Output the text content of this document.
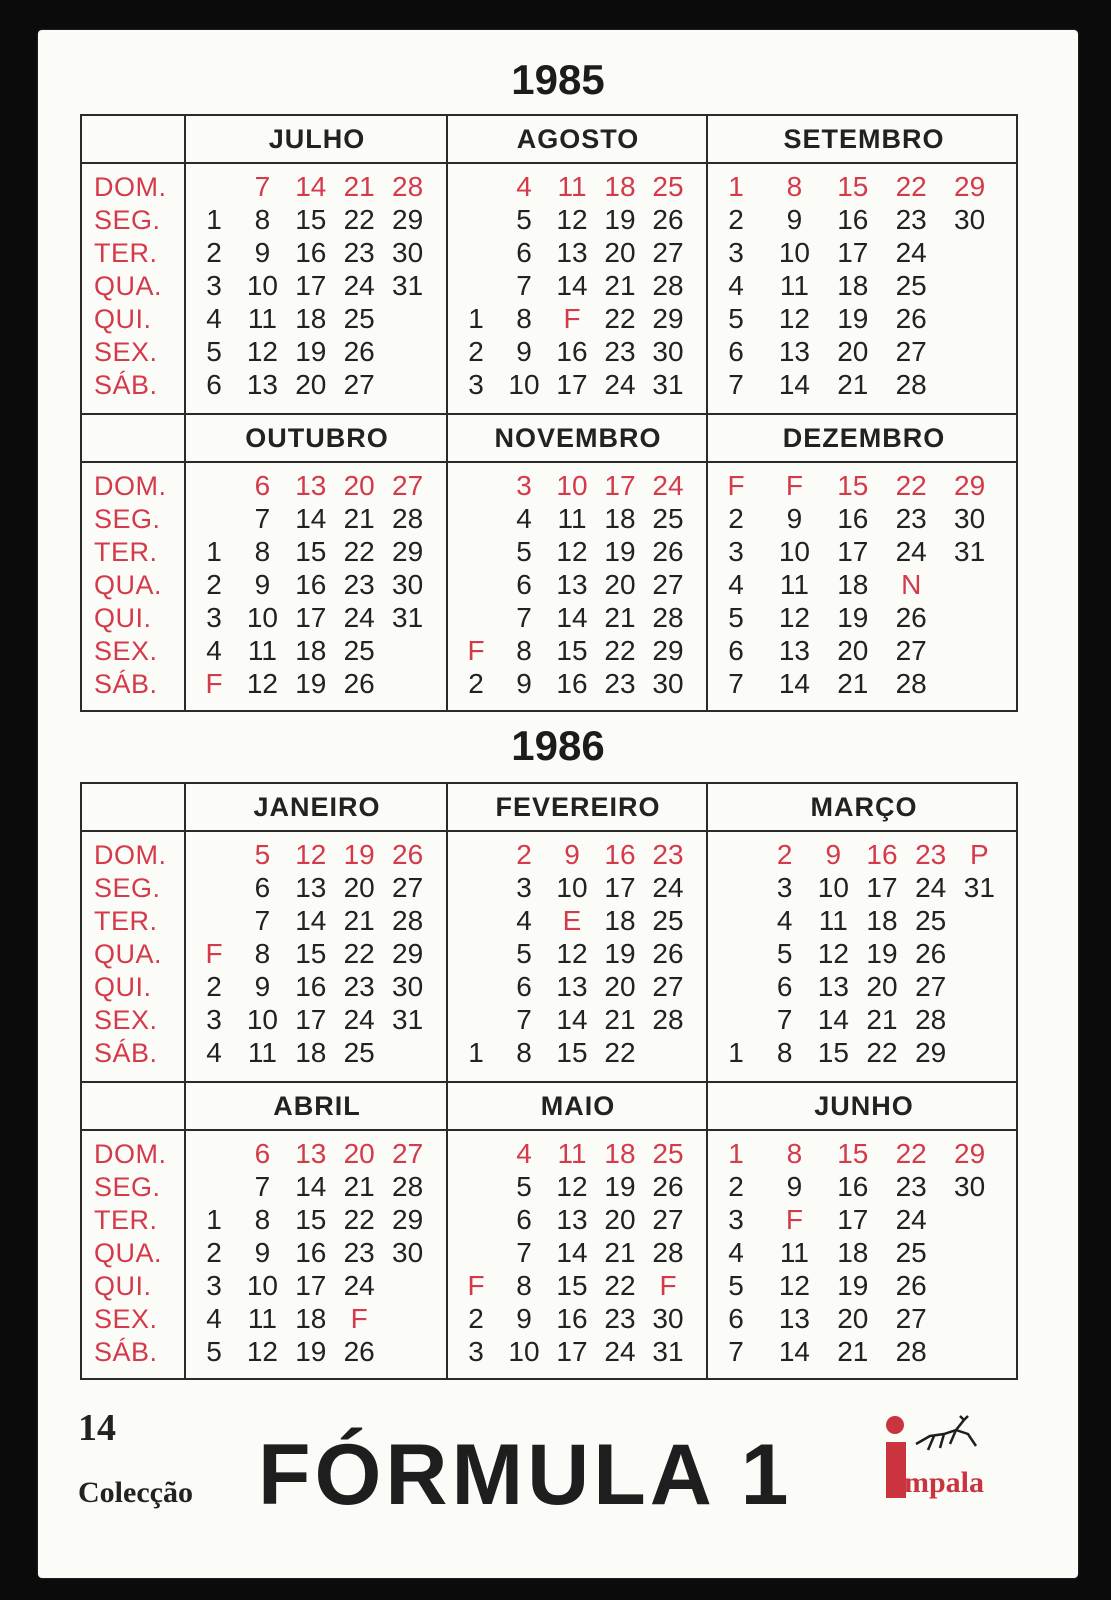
1985
DOM.
SEG.
TER.
QUA.
QUI.
SEX.
SÁB.
JULHO
1
2
3
4
5
6
7
8
9
10
11
12
13
14
15
16
17
18
19
20
21
22
23
24
25
26
27
28
29
30
31
AGOSTO
1
2
3
4
5
6
7
8
9
10
11
12
13
14
F
16
17
18
19
20
21
22
23
24
25
26
27
28
29
30
31
SETEMBRO
1
2
3
4
5
6
7
8
9
10
11
12
13
14
15
16
17
18
19
20
21
22
23
24
25
26
27
28
29
30
DOM.
SEG.
TER.
QUA.
QUI.
SEX.
SÁB.
OUTUBRO
1
2
3
4
F
6
7
8
9
10
11
12
13
14
15
16
17
18
19
20
21
22
23
24
25
26
27
28
29
30
31
NOVEMBRO
F
2
3
4
5
6
7
8
9
10
11
12
13
14
15
16
17
18
19
20
21
22
23
24
25
26
27
28
29
30
DEZEMBRO
F
2
3
4
5
6
7
F
9
10
11
12
13
14
15
16
17
18
19
20
21
22
23
24
N
26
27
28
29
30
31
1986
DOM.
SEG.
TER.
QUA.
QUI.
SEX.
SÁB.
JANEIRO
F
2
3
4
5
6
7
8
9
10
11
12
13
14
15
16
17
18
19
20
21
22
23
24
25
26
27
28
29
30
31
FEVEREIRO
1
2
3
4
5
6
7
8
9
10
E
12
13
14
15
16
17
18
19
20
21
22
23
24
25
26
27
28
MARÇO
1
2
3
4
5
6
7
8
9
10
11
12
13
14
15
16
17
18
19
20
21
22
23
24
25
26
27
28
29
P
31
DOM.
SEG.
TER.
QUA.
QUI.
SEX.
SÁB.
ABRIL
1
2
3
4
5
6
7
8
9
10
11
12
13
14
15
16
17
18
19
20
21
22
23
24
F
26
27
28
29
30
MAIO
F
2
3
4
5
6
7
8
9
10
11
12
13
14
15
16
17
18
19
20
21
22
23
24
25
26
27
28
F
30
31
JUNHO
1
2
3
4
5
6
7
8
9
F
11
12
13
14
15
16
17
18
19
20
21
22
23
24
25
26
27
28
29
30
14
Colecção FÓRMULA 1	mpala
